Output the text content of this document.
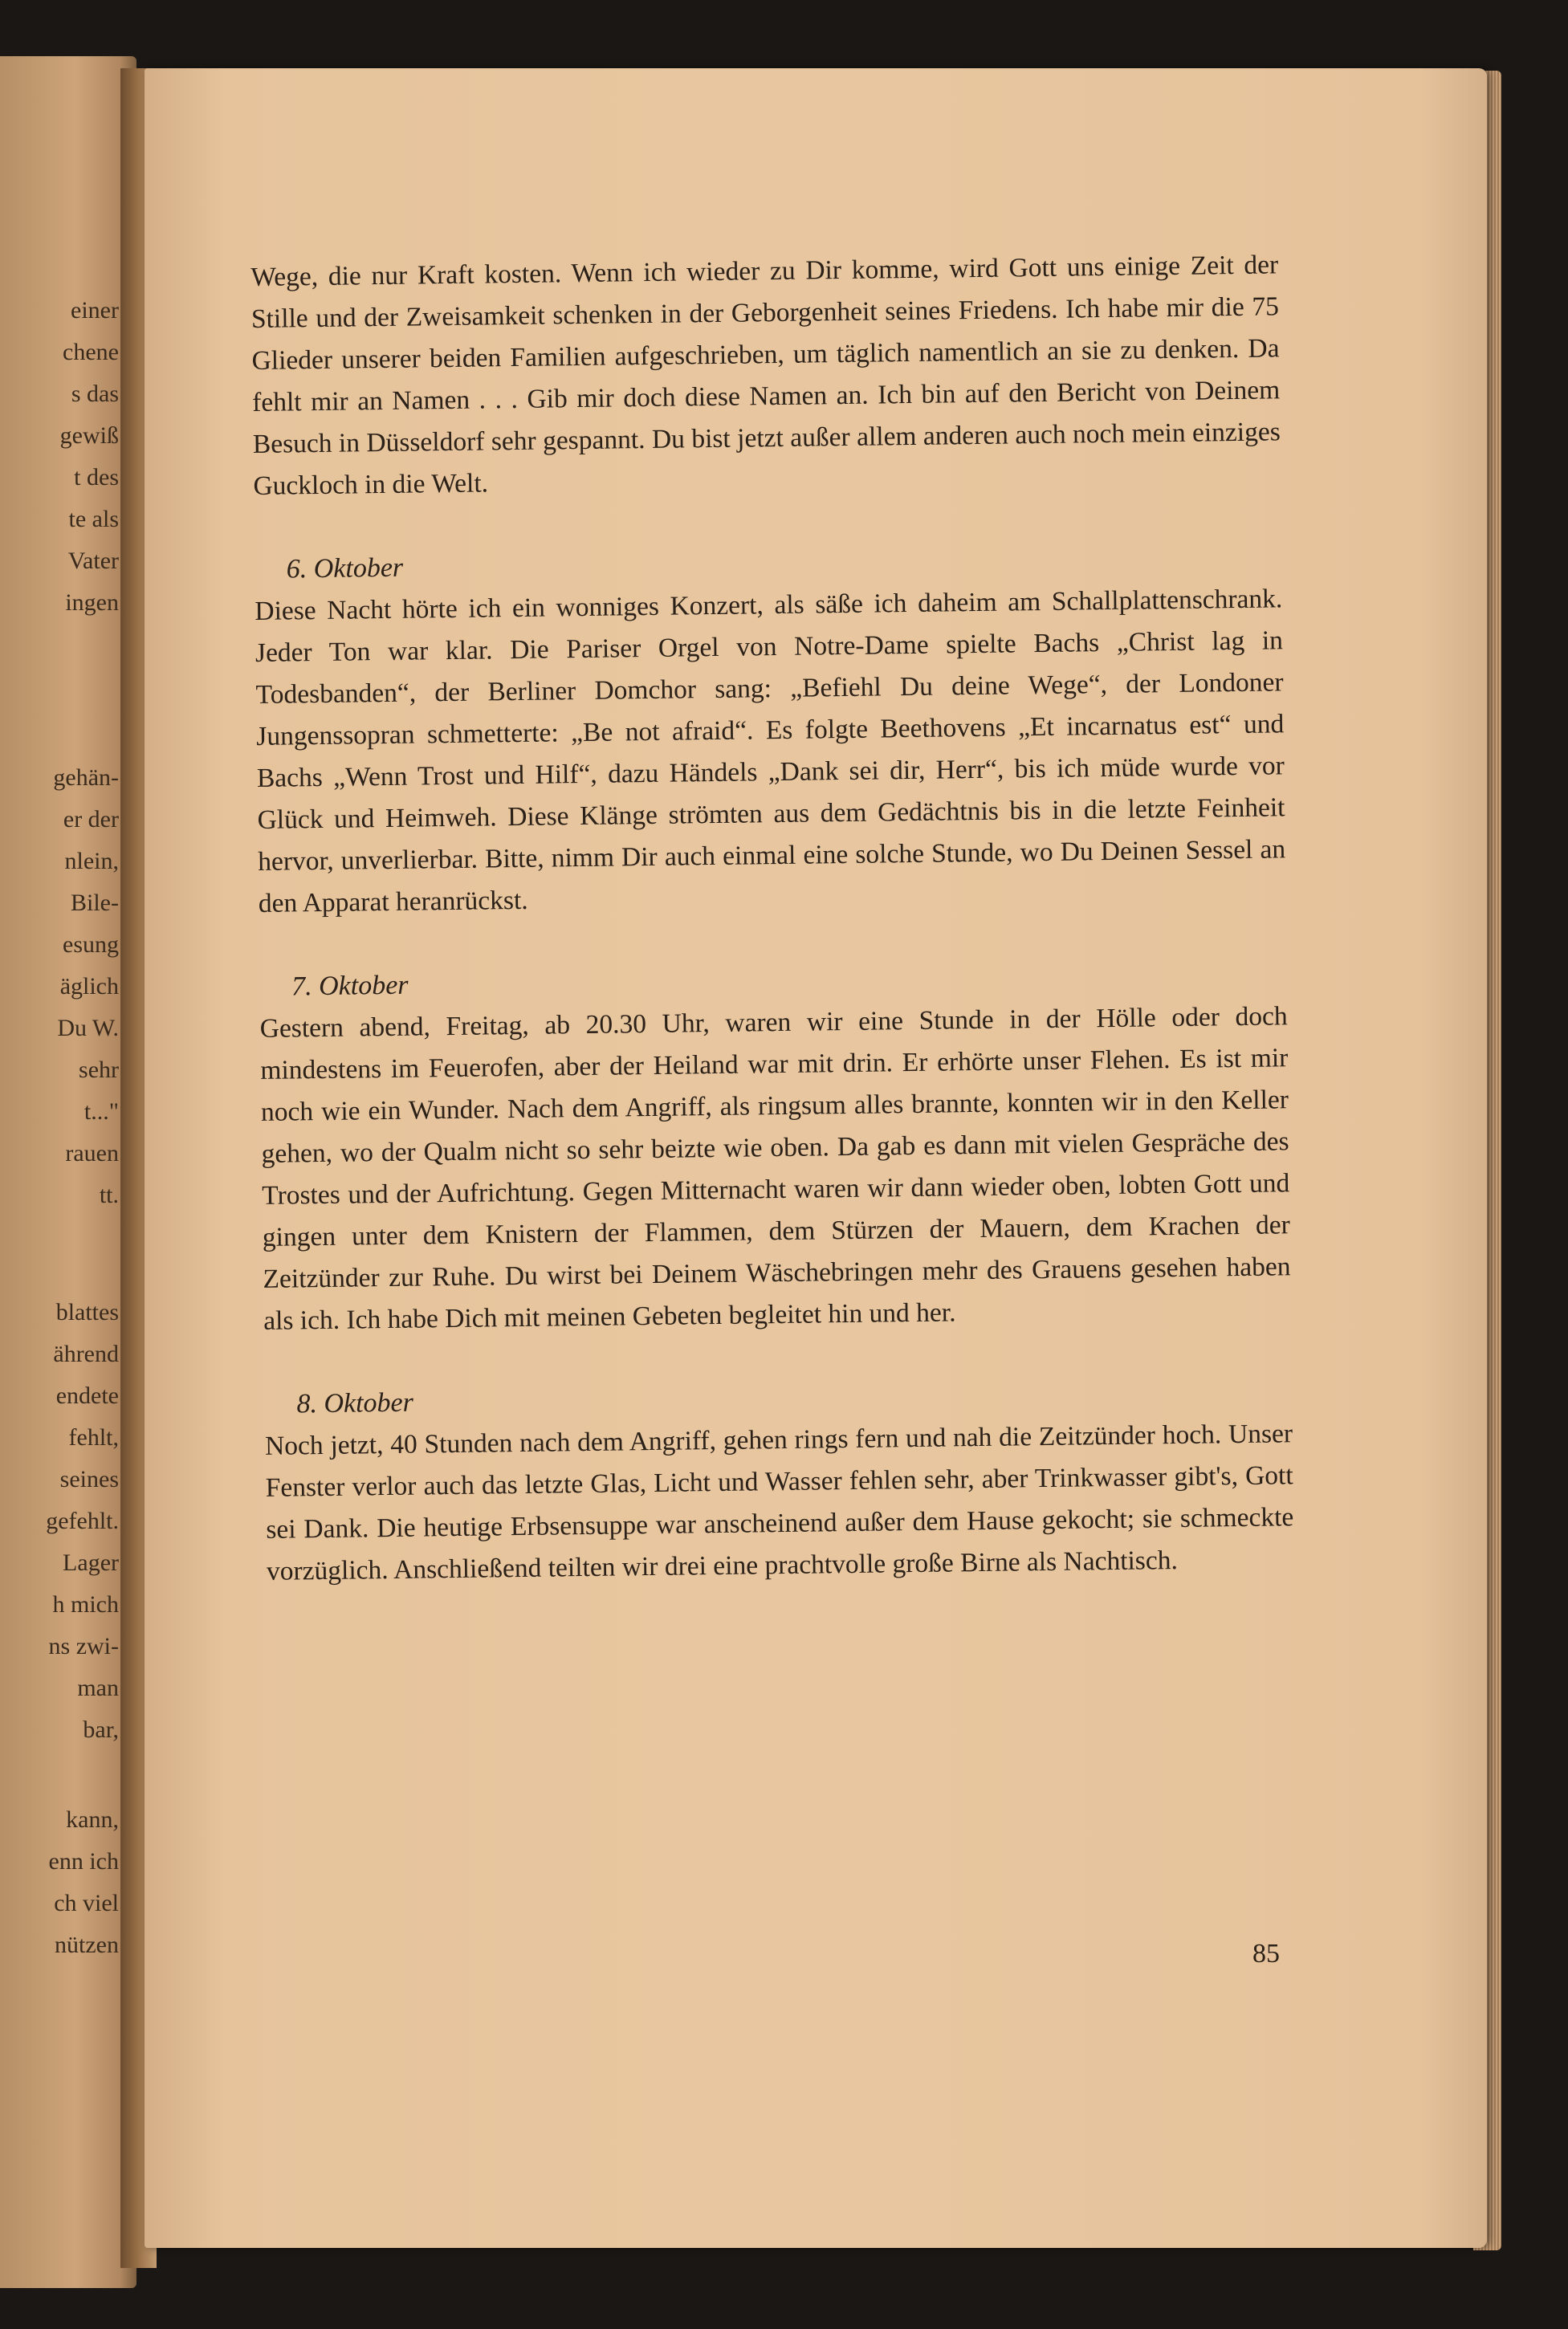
einer
chene
s das
gewiß
t des
te als
Vater
ingen
gehän-
er der
nlein,
Bile-
esung
äglich
Du W.
sehr
t..."
rauen
tt.
blattes
ährend
endete
fehlt,
seines
gefehlt.
Lager
h mich
ns zwi-
man
bar,
kann,
enn ich
ch viel
nützen

Wege, die nur Kraft kosten. Wenn ich wieder zu Dir komme, wird Gott uns einige Zeit der Stille und der Zweisamkeit schenken in der Geborgenheit seines Friedens. Ich habe mir die 75 Glieder unserer beiden Familien aufgeschrieben, um täglich namentlich an sie zu denken. Da fehlt mir an Namen . . . Gib mir doch diese Namen an. Ich bin auf den Bericht von Deinem Besuch in Düsseldorf sehr gespannt. Du bist jetzt außer allem anderen auch noch mein einziges Guckloch in die Welt.

6. Oktober

Diese Nacht hörte ich ein wonniges Konzert, als säße ich daheim am Schallplattenschrank. Jeder Ton war klar. Die Pariser Orgel von Notre-Dame spielte Bachs „Christ lag in Todesbanden“, der Berliner Domchor sang: „Befiehl Du deine Wege“, der Londoner Jungenssopran schmetterte: „Be not afraid“. Es folgte Beethovens „Et incarnatus est“ und Bachs „Wenn Trost und Hilf“, dazu Händels „Dank sei dir, Herr“, bis ich müde wurde vor Glück und Heimweh. Diese Klänge strömten aus dem Gedächtnis bis in die letzte Feinheit hervor, unverlierbar. Bitte, nimm Dir auch einmal eine solche Stunde, wo Du Deinen Sessel an den Apparat heranrückst.

7. Oktober

Gestern abend, Freitag, ab 20.30 Uhr, waren wir eine Stunde in der Hölle oder doch mindestens im Feuerofen, aber der Heiland war mit drin. Er erhörte unser Flehen. Es ist mir noch wie ein Wunder. Nach dem Angriff, als ringsum alles brannte, konnten wir in den Keller gehen, wo der Qualm nicht so sehr beizte wie oben. Da gab es dann mit vielen Gespräche des Trostes und der Aufrichtung. Gegen Mitternacht waren wir dann wieder oben, lobten Gott und gingen unter dem Knistern der Flammen, dem Stürzen der Mauern, dem Krachen der Zeitzünder zur Ruhe. Du wirst bei Deinem Wäschebringen mehr des Grauens gesehen haben als ich. Ich habe Dich mit meinen Gebeten begleitet hin und her.

8. Oktober

Noch jetzt, 40 Stunden nach dem Angriff, gehen rings fern und nah die Zeitzünder hoch. Unser Fenster verlor auch das letzte Glas, Licht und Wasser fehlen sehr, aber Trinkwasser gibt's, Gott sei Dank. Die heutige Erbsensuppe war anscheinend außer dem Hause gekocht; sie schmeckte vorzüglich. Anschließend teilten wir drei eine prachtvolle große Birne als Nachtisch.

85
